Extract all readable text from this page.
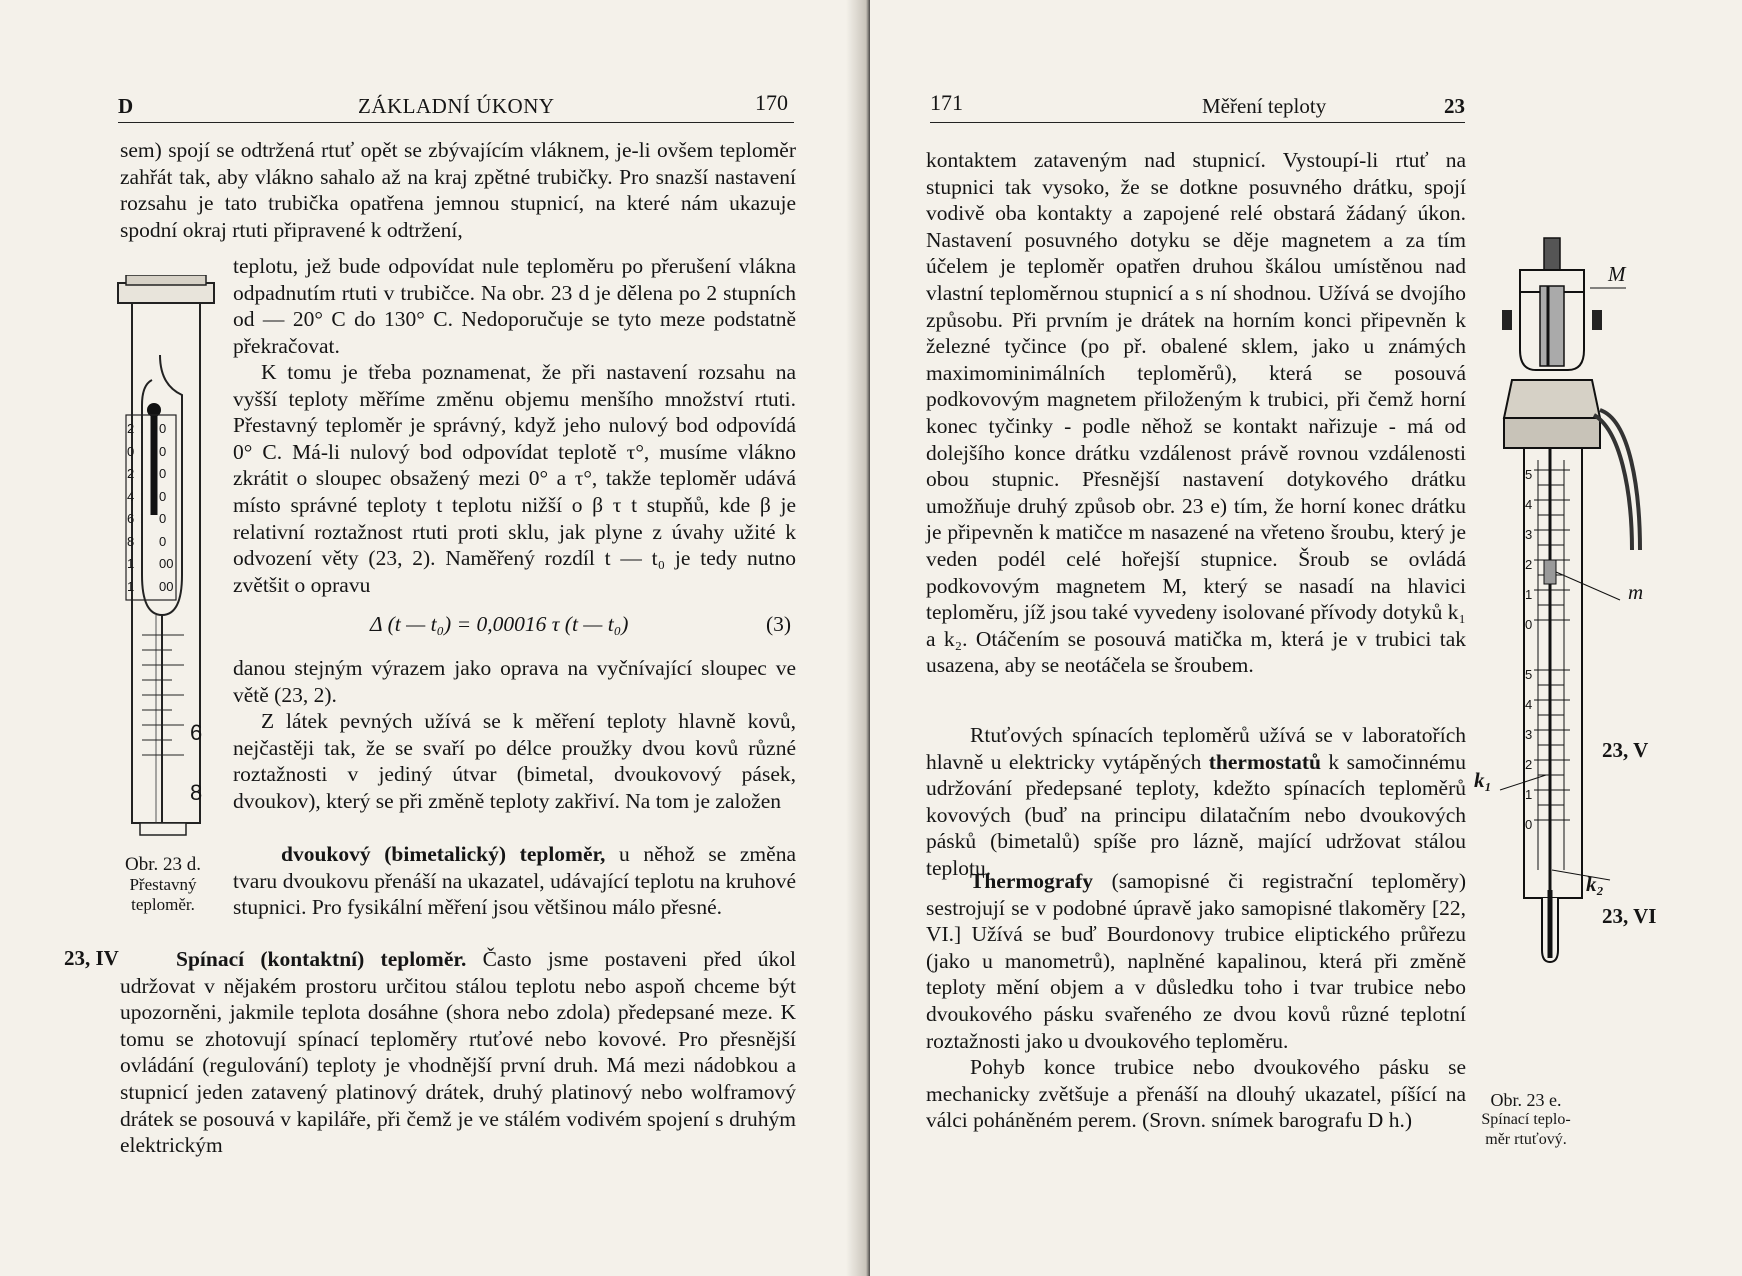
D	ZÁKLADNÍ ÚKONY	170

sem) spojí se odtržená rtuť opět se zbývajícím vláknem, je-li ovšem teploměr zahřát tak, aby vlákno sahalo až na kraj zpětné trubičky. Pro snazší nastavení rozsahu je tato trubička opatřena jemnou stupnicí, na které nám ukazuje spodní okraj rtuti připravené k odtržení,

2
0
2
4
6
8
1
1
0
0
0
0
0
0
00
00
6
8
Obr. 23 d.
Přestavný
teploměr.

teplotu, jež bude odpovídat nule teploměru po přerušení vlákna odpadnutím rtuti v trubičce. Na obr. 23 d je dělena po 2 stupních od — 20° C do 130° C. Nedoporučuje se tyto meze podstatně překračovat.

K tomu je třeba poznamenat, že při nastavení rozsahu na vyšší teploty měříme změnu objemu menšího množství rtuti. Přestavný teploměr je správný, když jeho nulový bod odpovídá 0° C. Má-li nulový bod odpovídat teplotě τ°, musíme vlákno zkrátit o sloupec obsažený mezi 0° a τ°, takže teploměr udává místo správné teploty t teplotu nižší o β τ t stupňů, kde β je relativní roztažnost rtuti proti sklu, jak plyne z úvahy užité k odvození věty (23, 2). Naměřený rozdíl t — t₀ je tedy nutno zvětšit o opravu

Δ (t — t₀) = 0,00016 τ (t — t₀)	(3)

danou stejným výrazem jako oprava na vyčnívající sloupec ve větě (23, 2).

Z látek pevných užívá se k měření teploty hlavně kovů, nejčastěji tak, že se svaří po délce proužky dvou kovů různé roztažnosti v jediný útvar (bimetal, dvoukovový pásek, dvoukov), který se při změně teploty zakřiví. Na tom je založen

dvoukový (bimetalický) teploměr, u něhož se změna tvaru dvoukovu přenáší na ukazatel, udávající teplotu na kruhové stupnici. Pro fysikální měření jsou většinou málo přesné.

23, IV	Spínací (kontaktní) teploměr. Často jsme postaveni před úkol udržovat v nějakém prostoru určitou stálou teplotu nebo aspoň chceme být upozorněni, jakmile teplota dosáhne (shora nebo zdola) předepsané meze. K tomu se zhotovují spínací teploměry rtuťové nebo kovové. Pro přesnější ovládání (regulování) teploty je vhodnější první druh. Má mezi nádobkou a stupnicí jeden zatavený platinový drátek, druhý platinový nebo wolframový drátek se posouvá v kapiláře, při čemž je ve stálém vodivém spojení s druhým elektrickým

171	Měření teploty	23

kontaktem zataveným nad stupnicí. Vystoupí-li rtuť na stupnici tak vysoko, že se dotkne posuvného drátku, spojí vodivě oba kontakty a zapojené relé obstará žádaný úkon. Nastavení posuvného dotyku se děje magnetem a za tím účelem je teploměr opatřen druhou škálou umístěnou nad vlastní teploměrnou stupnicí a s ní shodnou. Užívá se dvojího způsobu. Při prvním je drátek na horním konci připevněn k železné tyčince (po př. obalené sklem, jako u známých maximominimálních teploměrů), která se posouvá podkovovým magnetem přiloženým k trubici, při čemž horní konec tyčinky - podle něhož se kontakt nařizuje - má od dolejšího konce drátku vzdálenost právě rovnou vzdálenosti obou stupnic. Přesnější nastavení dotykového drátku umožňuje druhý způsob obr. 23 e) tím, že horní konec drátku je připevněn k matičce m nasazené na vřeteno šroubu, který je veden podél celé hořejší stupnice. Šroub se ovládá podkovovým magnetem M, který se nasadí na hlavici teploměru, jíž jsou také vyvedeny isolované přívody dotyků k₁ a k₂. Otáčením se posouvá matička m, která je v trubici tak usazena, aby se neotáčela se šroubem.

Rtuťových spínacích teploměrů užívá se v laboratořích hlavně u elektricky vytápěných thermostatů k samočinnému udržování předepsané teploty, kdežto spínacích teploměrů kovových (buď na principu dilatačním nebo dvoukových pásků (bimetalů) spíše pro lázně, mající udržovat stálou teplotu.

Thermografy (samopisné či registrační teploměry) sestrojují se v podobné úpravě jako samopisné tlakoměry [22, VI.] Užívá se buď Bourdonovy trubice eliptického průřezu (jako u manometrů), naplněné kapalinou, která při změně teploty mění objem a v důsledku toho i tvar trubice nebo dvoukového pásku svařeného ze dvou kovů různé teplotní roztažnosti jako u dvoukového teploměru.

Pohyb konce trubice nebo dvoukového pásku se mechanicky zvětšuje a přenáší na dlouhý ukazatel, píšící na válci poháněném perem. (Srovn. snímek barografu D h.)

M
m
k₁
k₂
5
4
3
2
1
0
5
4
3
2
1
0
23, V
23, VI
Obr. 23 e.
Spínací teplo-
měr rtuťový.
